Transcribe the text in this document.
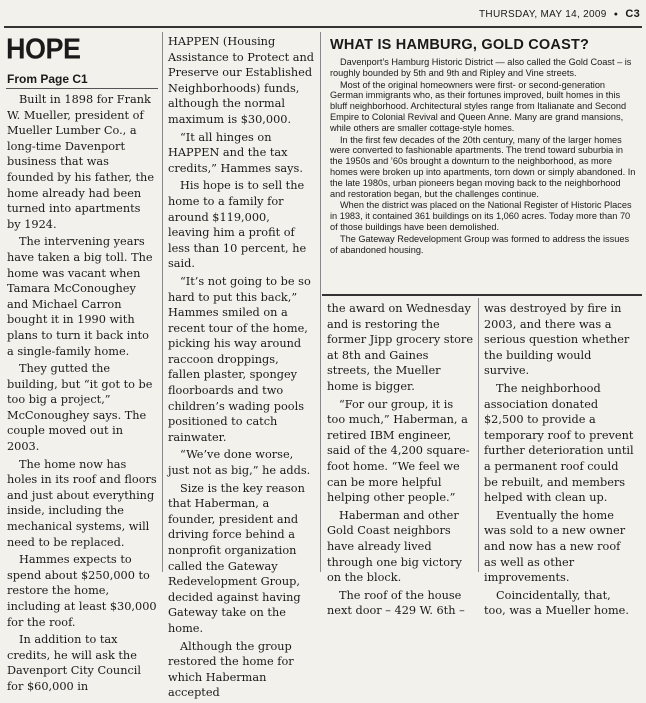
THURSDAY, MAY 14, 2009 ● C3
HOPE
From Page C1

Built in 1898 for Frank W. Mueller, president of Mueller Lumber Co., a long-time Davenport business that was founded by his father, the home already had been turned into apartments by 1924.

The intervening years have taken a big toll. The home was vacant when Tamara McConoughey and Michael Carron bought it in 1990 with plans to turn it back into a single-family home.

They gutted the building, but “it got to be too big a project,” McConoughey says. The couple moved out in 2003.

The home now has holes in its roof and floors and just about everything inside, including the mechanical systems, will need to be replaced.

Hammes expects to spend about $250,000 to restore the home, including at least $30,000 for the roof.

In addition to tax credits, he will ask the Davenport City Council for $60,000 in

HAPPEN (Housing Assistance to Protect and Preserve our Established Neighborhoods) funds, although the normal maximum is $30,000.

“It all hinges on HAPPEN and the tax credits,” Hammes says.

His hope is to sell the home to a family for around $119,000, leaving him a profit of less than 10 percent, he said.

“It’s not going to be so hard to put this back,” Hammes smiled on a recent tour of the home, picking his way around raccoon droppings, fallen plaster, spongey floorboards and two children’s wading pools positioned to catch rainwater.

“We’ve done worse, just not as big,” he adds.

Size is the key reason that Haberman, a founder, president and driving force behind a nonprofit organization called the Gateway Redevelopment Group, decided against having Gateway take on the home.

Although the group restored the home for which Haberman accepted

WHAT IS HAMBURG, GOLD COAST?

Davenport’s Hamburg Historic District — also called the Gold Coast – is roughly bounded by 5th and 9th and Ripley and Vine streets.

Most of the original homeowners were first- or second-generation German immigrants who, as their fortunes improved, built homes in this bluff neighborhood. Architectural styles range from Italianate and Second Empire to Colonial Revival and Queen Anne. Many are grand mansions, while others are smaller cottage-style homes.

In the first few decades of the 20th century, many of the larger homes were converted to fashionable apartments. The trend toward suburbia in the 1950s and ’60s brought a downturn to the neighborhood, as more homes were broken up into apartments, torn down or simply abandoned. In the late 1980s, urban pioneers began moving back to the neighborhood and restoration began, but the challenges continue.

When the district was placed on the National Register of Historic Places in 1983, it contained 361 buildings on its 1,060 acres. Today more than 70 of those buildings have been demolished.

The Gateway Redevelopment Group was formed to address the issues of abandoned housing.

the award on Wednesday and is restoring the former Jipp grocery store at 8th and Gaines streets, the Mueller home is bigger.

“For our group, it is too much,” Haberman, a retired IBM engineer, said of the 4,200 square-foot home. “We feel we can be more helpful helping other people.”

Haberman and other Gold Coast neighbors have already lived through one big victory on the block.

The roof of the house next door – 429 W. 6th –

was destroyed by fire in 2003, and there was a serious question whether the building would survive.

The neighborhood association donated $2,500 to provide a temporary roof to prevent further deterioration until a permanent roof could be rebuilt, and members helped with clean up.

Eventually the home was sold to a new owner and now has a new roof as well as other improvements.

Coincidentally, that, too, was a Mueller home.
